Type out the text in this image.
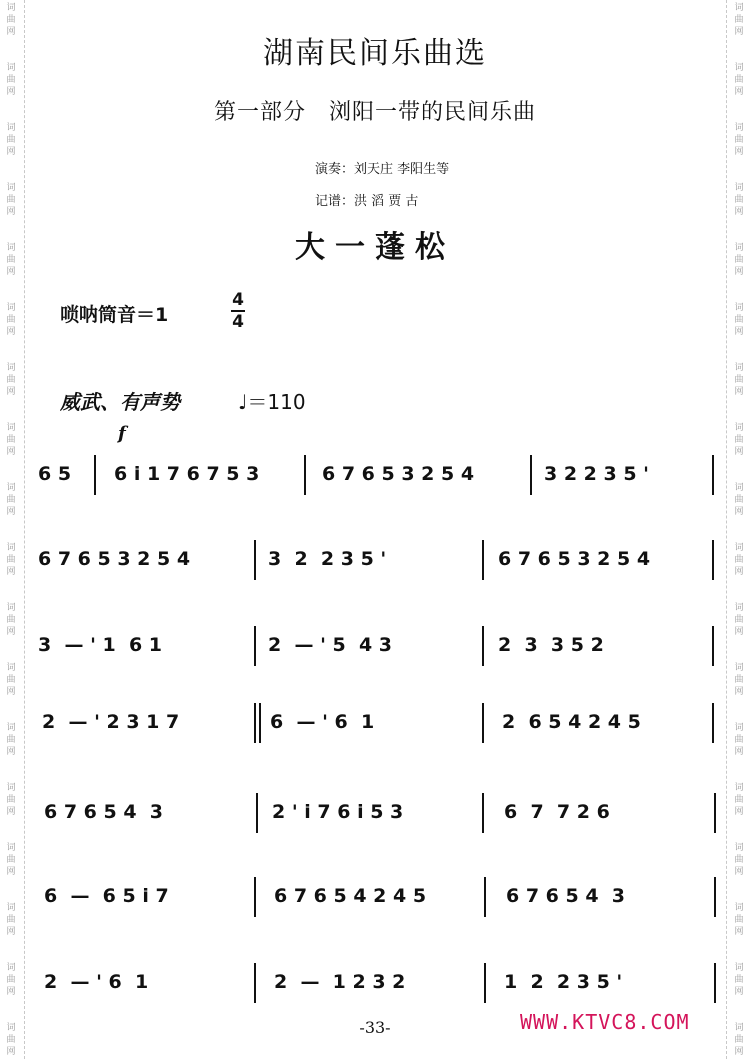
词
曲
网
词
曲
网
词
曲
网
词
曲
网
词
曲
网
词
曲
网
词
曲
网
词
曲
网
词
曲
网
词
曲
网
词
曲
网
词
曲
网
词
曲
网
词
曲
网
词
曲
网
词
曲
网
词
曲
网
词
曲
网
词
曲
网
词
曲
网
词
曲
网
词
曲
网
词
曲
网
词
曲
网
词
曲
网
词
曲
网
词
曲
网
词
曲
网
词
曲
网
词
曲
网
词
曲
网
词
曲
网
词
曲
网
词
曲
网
词
曲
网
词
曲
网
湖南民间乐曲选
第一部分　浏阳一带的民间乐曲
演奏：刘天庄 李阳生等
记谱：洪 滔 贾 古
大一蓬松
唢呐筒音＝1
4
4
威武、有声势	♩＝110
f
6 5 6 i 1 7 6 7 5 3	6 7 6 5 3 2 5 4	3 2 2 3 5 '
6 7 6 5 3 2 5 4	3  2  2 3 5 '	6 7 6 5 3 2 5 4
3  — ' 1  6 1	2  — ' 5  4 3	2  3  3 5 2
2  — ' 2 3 1 7	6  — ' 6  1	2  6 5 4 2 4 5
6 7 6 5 4  3	2 ' i 7 6 i 5 3	6  7  7 2 6
6  —  6 5 i 7	6 7 6 5 4 2 4 5	6 7 6 5 4  3
2  — ' 6  1	2  —  1 2 3 2	1  2  2 3 5 '
-33-	WWW.KTVC8.COM
